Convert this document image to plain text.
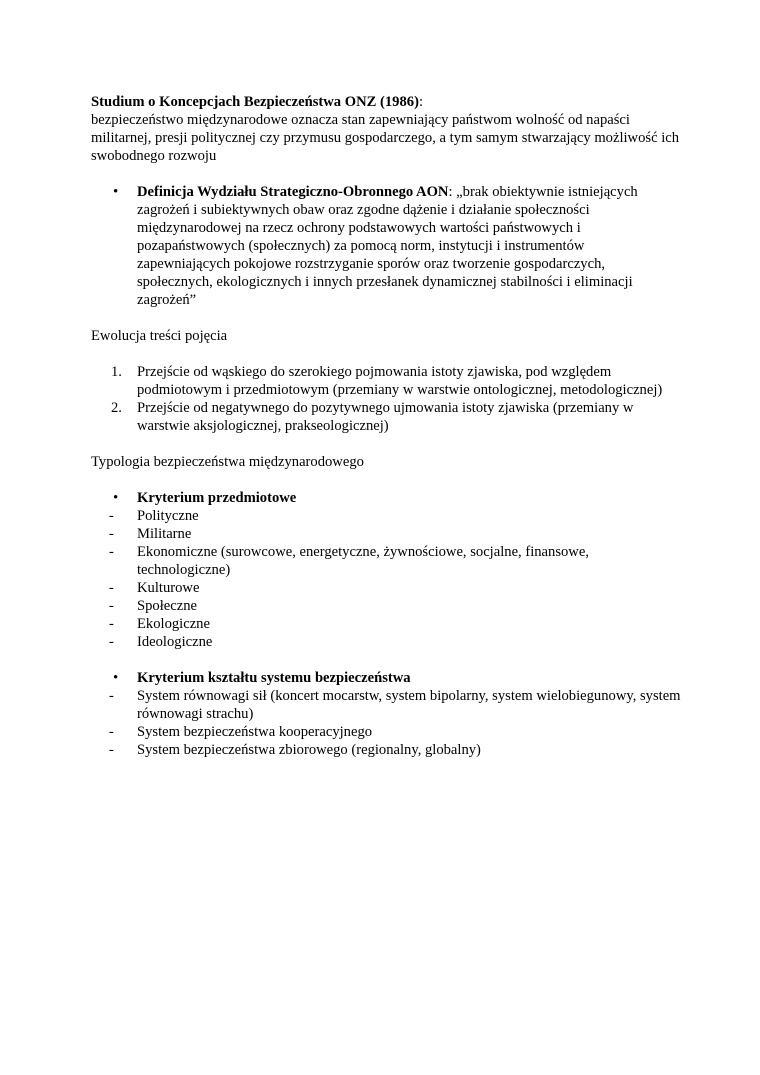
Studium o Koncepcjach Bezpieczeństwa ONZ (1986):

bezpieczeństwo międzynarodowe oznacza stan zapewniający państwom wolność od napaści militarnej, presji politycznej czy przymusu gospodarczego, a tym samym stwarzający możliwość ich swobodnego rozwoju

• Definicja Wydziału Strategiczno-Obronnego AON: „brak obiektywnie istniejących zagrożeń i subiektywnych obaw oraz zgodne dążenie i działanie społeczności międzynarodowej na rzecz ochrony podstawowych wartości państwowych i pozapaństwowych (społecznych) za pomocą norm, instytucji i instrumentów zapewniających pokojowe rozstrzyganie sporów oraz tworzenie gospodarczych, społecznych, ekologicznych i innych przesłanek dynamicznej stabilności i eliminacji zagrożeń”

Ewolucja treści pojęcia

1. Przejście od wąskiego do szerokiego pojmowania istoty zjawiska, pod względem podmiotowym i przedmiotowym (przemiany w warstwie ontologicznej, metodologicznej)
2. Przejście od negatywnego do pozytywnego ujmowania istoty zjawiska (przemiany w warstwie aksjologicznej, prakseologicznej)

Typologia bezpieczeństwa międzynarodowego

• Kryterium przedmiotowe
- Polityczne
- Militarne
- Ekonomiczne (surowcowe, energetyczne, żywnościowe, socjalne, finansowe, technologiczne)
- Kulturowe
- Społeczne
- Ekologiczne
- Ideologiczne
• Kryterium kształtu systemu bezpieczeństwa
- System równowagi sił (koncert mocarstw, system bipolarny, system wielobiegunowy, system równowagi strachu)
- System bezpieczeństwa kooperacyjnego
- System bezpieczeństwa zbiorowego (regionalny, globalny)
